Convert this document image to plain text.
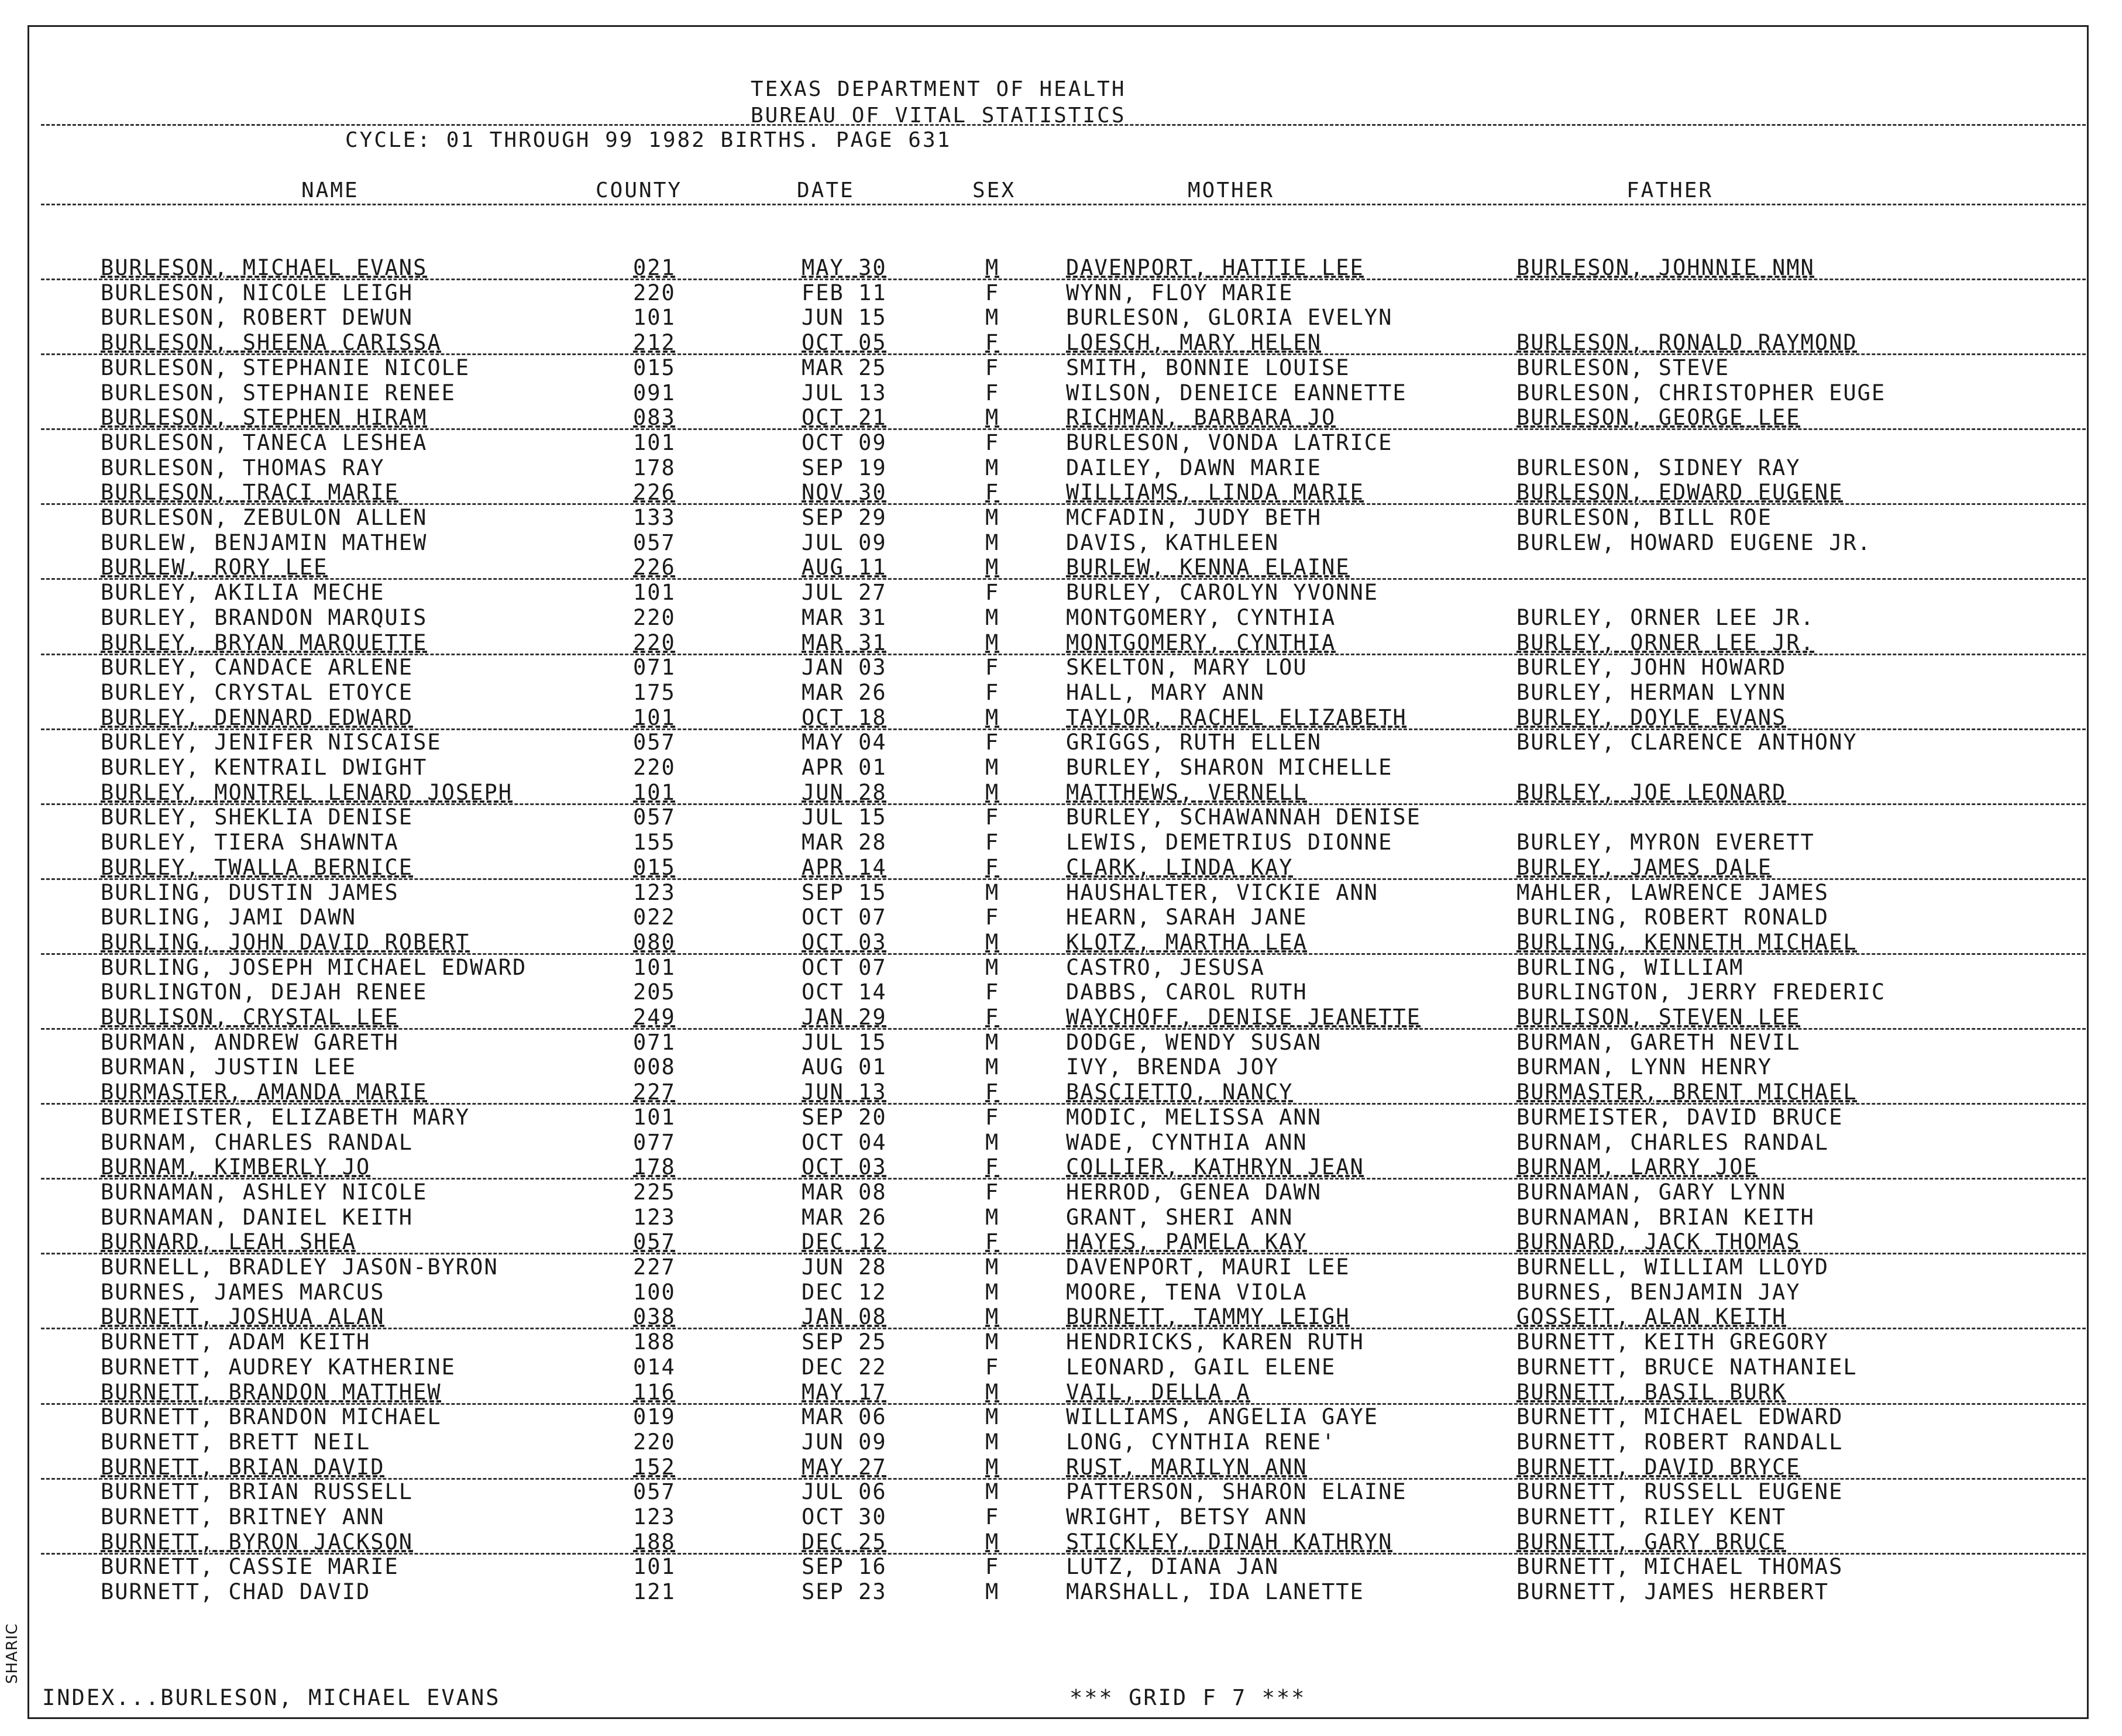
TEXAS DEPARTMENT OF HEALTH
BUREAU OF VITAL STATISTICS
CYCLE: 01 THROUGH 99 1982 BIRTHS. PAGE 631
NAME	COUNTY	DATE	SEX	MOTHER	FATHER
BURLESON, MICHAEL EVANS	021	MAY 30	M	DAVENPORT, HATTIE LEE	BURLESON, JOHNNIE NMN
BURLESON, NICOLE LEIGH	220	FEB 11	F	WYNN, FLOY MARIE
BURLESON, ROBERT DEWUN	101	JUN 15	M	BURLESON, GLORIA EVELYN
BURLESON, SHEENA CARISSA	212	OCT 05	F	LOESCH, MARY HELEN	BURLESON, RONALD RAYMOND
BURLESON, STEPHANIE NICOLE	015	MAR 25	F	SMITH, BONNIE LOUISE	BURLESON, STEVE
BURLESON, STEPHANIE RENEE	091	JUL 13	F	WILSON, DENEICE EANNETTE	BURLESON, CHRISTOPHER EUGE
BURLESON, STEPHEN HIRAM	083	OCT 21	M	RICHMAN, BARBARA JO	BURLESON, GEORGE LEE
BURLESON, TANECA LESHEA	101	OCT 09	F	BURLESON, VONDA LATRICE
BURLESON, THOMAS RAY	178	SEP 19	M	DAILEY, DAWN MARIE	BURLESON, SIDNEY RAY
BURLESON, TRACI MARIE	226	NOV 30	F	WILLIAMS, LINDA MARIE	BURLESON, EDWARD EUGENE
BURLESON, ZEBULON ALLEN	133	SEP 29	M	MCFADIN, JUDY BETH	BURLESON, BILL ROE
BURLEW, BENJAMIN MATHEW	057	JUL 09	M	DAVIS, KATHLEEN	BURLEW, HOWARD EUGENE JR.
BURLEW, RORY LEE	226	AUG 11	M	BURLEW, KENNA ELAINE
BURLEY, AKILIA MECHE	101	JUL 27	F	BURLEY, CAROLYN YVONNE
BURLEY, BRANDON MARQUIS	220	MAR 31	M	MONTGOMERY, CYNTHIA	BURLEY, ORNER LEE JR.
BURLEY, BRYAN MARQUETTE	220	MAR 31	M	MONTGOMERY, CYNTHIA	BURLEY, ORNER LEE JR.
BURLEY, CANDACE ARLENE	071	JAN 03	F	SKELTON, MARY LOU	BURLEY, JOHN HOWARD
BURLEY, CRYSTAL ETOYCE	175	MAR 26	F	HALL, MARY ANN	BURLEY, HERMAN LYNN
BURLEY, DENNARD EDWARD	101	OCT 18	M	TAYLOR, RACHEL ELIZABETH	BURLEY, DOYLE EVANS
BURLEY, JENIFER NISCAISE	057	MAY 04	F	GRIGGS, RUTH ELLEN	BURLEY, CLARENCE ANTHONY
BURLEY, KENTRAIL DWIGHT	220	APR 01	M	BURLEY, SHARON MICHELLE
BURLEY, MONTREL LENARD JOSEPH	101	JUN 28	M	MATTHEWS, VERNELL	BURLEY, JOE LEONARD
BURLEY, SHEKLIA DENISE	057	JUL 15	F	BURLEY, SCHAWANNAH DENISE
BURLEY, TIERA SHAWNTA	155	MAR 28	F	LEWIS, DEMETRIUS DIONNE	BURLEY, MYRON EVERETT
BURLEY, TWALLA BERNICE	015	APR 14	F	CLARK, LINDA KAY	BURLEY, JAMES DALE
BURLING, DUSTIN JAMES	123	SEP 15	M	HAUSHALTER, VICKIE ANN	MAHLER, LAWRENCE JAMES
BURLING, JAMI DAWN	022	OCT 07	F	HEARN, SARAH JANE	BURLING, ROBERT RONALD
BURLING, JOHN DAVID ROBERT	080	OCT 03	M	KLOTZ, MARTHA LEA	BURLING, KENNETH MICHAEL
BURLING, JOSEPH MICHAEL EDWARD	101	OCT 07	M	CASTRO, JESUSA	BURLING, WILLIAM
BURLINGTON, DEJAH RENEE	205	OCT 14	F	DABBS, CAROL RUTH	BURLINGTON, JERRY FREDERIC
BURLISON, CRYSTAL LEE	249	JAN 29	F	WAYCHOFF, DENISE JEANETTE	BURLISON, STEVEN LEE
BURMAN, ANDREW GARETH	071	JUL 15	M	DODGE, WENDY SUSAN	BURMAN, GARETH NEVIL
BURMAN, JUSTIN LEE	008	AUG 01	M	IVY, BRENDA JOY	BURMAN, LYNN HENRY
BURMASTER, AMANDA MARIE	227	JUN 13	F	BASCIETTO, NANCY	BURMASTER, BRENT MICHAEL
BURMEISTER, ELIZABETH MARY	101	SEP 20	F	MODIC, MELISSA ANN	BURMEISTER, DAVID BRUCE
BURNAM, CHARLES RANDAL	077	OCT 04	M	WADE, CYNTHIA ANN	BURNAM, CHARLES RANDAL
BURNAM, KIMBERLY JO	178	OCT 03	F	COLLIER, KATHRYN JEAN	BURNAM, LARRY JOE
BURNAMAN, ASHLEY NICOLE	225	MAR 08	F	HERROD, GENEA DAWN	BURNAMAN, GARY LYNN
BURNAMAN, DANIEL KEITH	123	MAR 26	M	GRANT, SHERI ANN	BURNAMAN, BRIAN KEITH
BURNARD, LEAH SHEA	057	DEC 12	F	HAYES, PAMELA KAY	BURNARD, JACK THOMAS
BURNELL, BRADLEY JASON-BYRON	227	JUN 28	M	DAVENPORT, MAURI LEE	BURNELL, WILLIAM LLOYD
BURNES, JAMES MARCUS	100	DEC 12	M	MOORE, TENA VIOLA	BURNES, BENJAMIN JAY
BURNETT, JOSHUA ALAN	038	JAN 08	M	BURNETT, TAMMY LEIGH	GOSSETT, ALAN KEITH
BURNETT, ADAM KEITH	188	SEP 25	M	HENDRICKS, KAREN RUTH	BURNETT, KEITH GREGORY
BURNETT, AUDREY KATHERINE	014	DEC 22	F	LEONARD, GAIL ELENE	BURNETT, BRUCE NATHANIEL
BURNETT, BRANDON MATTHEW	116	MAY 17	M	VAIL, DELLA A	BURNETT, BASIL BURK
BURNETT, BRANDON MICHAEL	019	MAR 06	M	WILLIAMS, ANGELIA GAYE	BURNETT, MICHAEL EDWARD
BURNETT, BRETT NEIL	220	JUN 09	M	LONG, CYNTHIA RENE'	BURNETT, ROBERT RANDALL
BURNETT, BRIAN DAVID	152	MAY 27	M	RUST, MARILYN ANN	BURNETT, DAVID BRYCE
BURNETT, BRIAN RUSSELL	057	JUL 06	M	PATTERSON, SHARON ELAINE	BURNETT, RUSSELL EUGENE
BURNETT, BRITNEY ANN	123	OCT 30	F	WRIGHT, BETSY ANN	BURNETT, RILEY KENT
BURNETT, BYRON JACKSON	188	DEC 25	M	STICKLEY, DINAH KATHRYN	BURNETT, GARY BRUCE
BURNETT, CASSIE MARIE	101	SEP 16	F	LUTZ, DIANA JAN	BURNETT, MICHAEL THOMAS
BURNETT, CHAD DAVID	121	SEP 23	M	MARSHALL, IDA LANETTE	BURNETT, JAMES HERBERT
INDEX...BURLESON, MICHAEL EVANS	*** GRID F 7 ***
SHARIC
